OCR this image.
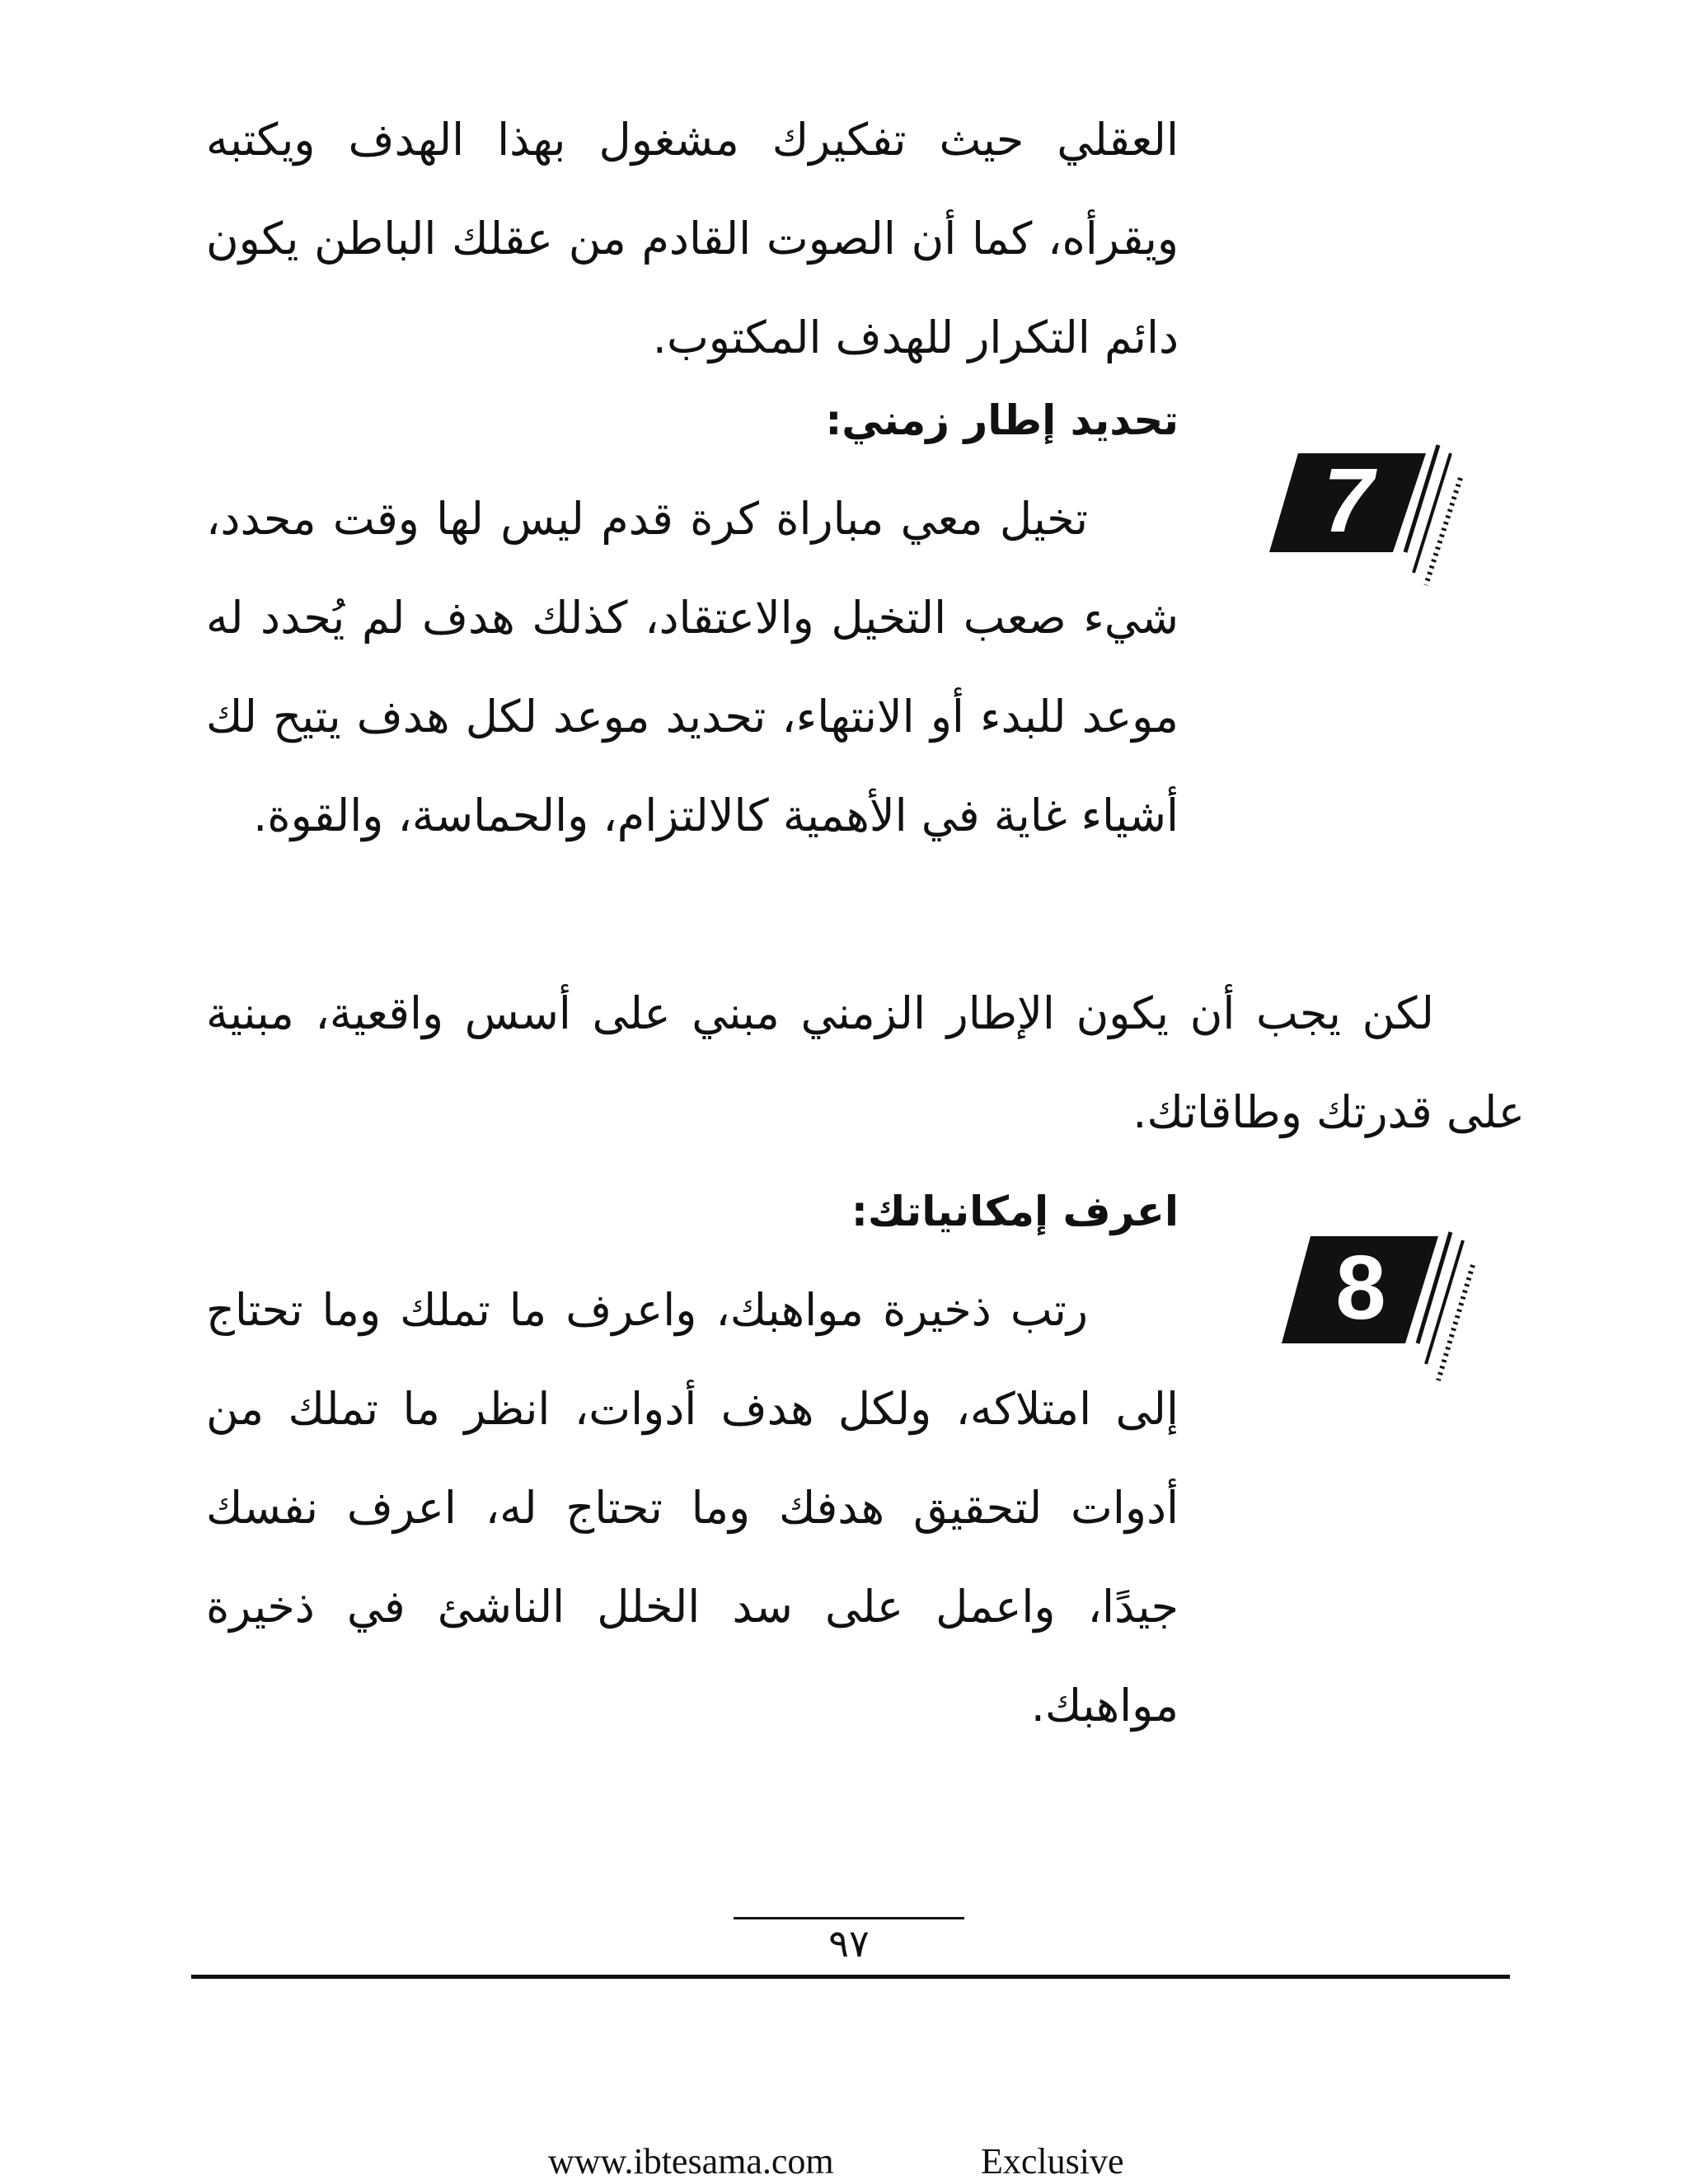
العقلي حيث تفكيرك مشغول بهذا الهدف ويكتبه ويقرأه، كما أن الصوت القادم من عقلك الباطن يكون دائم التكرار للهدف المكتوب.

7
تحديد إطار زمني:

تخيل معي مباراة كرة قدم ليس لها وقت محدد، شيء صعب التخيل والاعتقاد، كذلك هدف لم يُحدد له موعد للبدء أو الانتهاء، تحديد موعد لكل هدف يتيح لك أشياء غاية في الأهمية كالالتزام، والحماسة، والقوة.

لكن يجب أن يكون الإطار الزمني مبني على أسس واقعية، مبنية على قدرتك وطاقاتك.

8
اعرف إمكانياتك:

رتب ذخيرة مواهبك، واعرف ما تملك وما تحتاج إلى امتلاكه، ولكل هدف أدوات، انظر ما تملك من أدوات لتحقيق هدفك وما تحتاج له، اعرف نفسك جيدًا، واعمل على سد الخلل الناشئ في ذخيرة مواهبك.

٩٧
www.ibtesama.com	Exclusive
